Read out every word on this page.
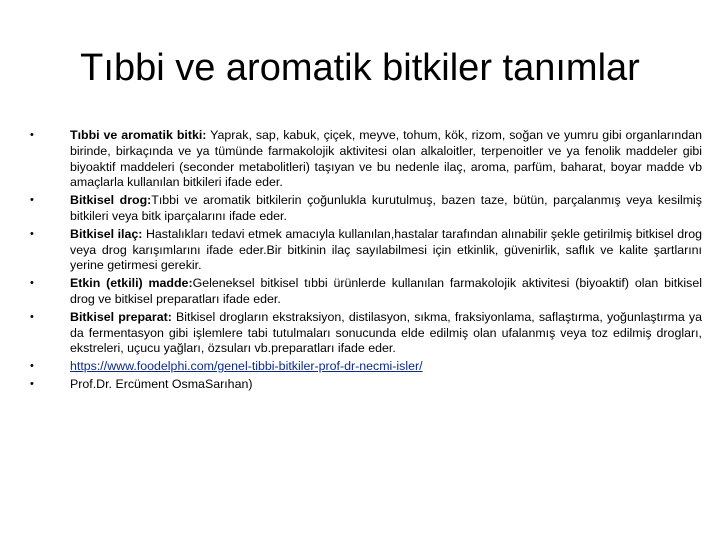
Tıbbi ve aromatik bitkiler tanımlar
•	Tıbbi ve aromatik bitki: Yaprak, sap, kabuk, çiçek, meyve, tohum, kök, rizom, soğan ve yumru gibi organlarından birinde, birkaçında ve ya tümünde farmakolojik aktivitesi olan alkaloitler, terpenoitler ve ya fenolik maddeler gibi biyoaktif maddeleri (seconder metabolitleri) taşıyan ve bu nedenle ilaç, aroma, parfüm, baharat, boyar madde vb amaçlarla kullanılan bitkileri ifade eder.
•	Bitkisel drog:Tıbbi ve aromatik bitkilerin çoğunlukla kurutulmuş, bazen taze, bütün, parçalanmış veya kesilmiş bitkileri veya bitk iparçalarını ifade eder.
•	Bitkisel ilaç: Hastalıkları tedavi etmek amacıyla kullanılan,hastalar tarafından alınabilir şekle getirilmiş bitkisel drog veya drog karışımlarını ifade eder.Bir bitkinin ilaç sayılabilmesi için etkinlik, güvenirlik, saflık ve kalite şartlarını yerine getirmesi gerekir.
•	Etkin (etkili) madde:Geleneksel bitkisel tıbbi ürünlerde kullanılan farmakolojik aktivitesi (biyoaktif) olan bitkisel drog ve bitkisel preparatları ifade eder.
•	Bitkisel preparat: Bitkisel drogların ekstraksiyon, distilasyon, sıkma, fraksiyonlama, saflaştırma, yoğunlaştırma ya da fermentasyon gibi işlemlere tabi tutulmaları sonucunda elde edilmiş olan ufalanmış veya toz edilmiş drogları, ekstreleri, uçucu yağları, özsuları vb.preparatları ifade eder.
•	https://www.foodelphi.com/genel-tibbi-bitkiler-prof-dr-necmi-isler/
•	Prof.Dr. Ercüment OsmaSarıhan)
